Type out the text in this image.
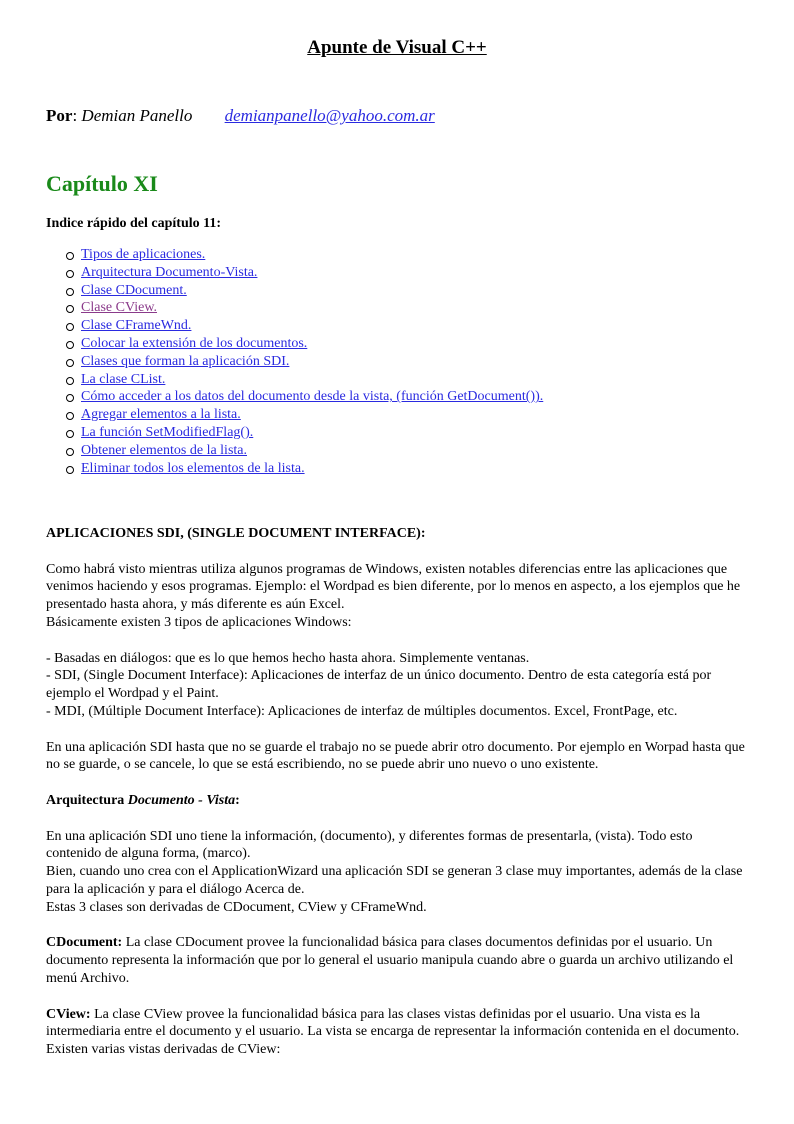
Apunte de Visual C++
Por: Demian Panello demianpanello@yahoo.com.ar
Capítulo XI
Indice rápido del capítulo 11:
Tipos de aplicaciones.
Arquitectura Documento-Vista.
Clase CDocument.
Clase CView.
Clase CFrameWnd.
Colocar la extensión de los documentos.
Clases que forman la aplicación SDI.
La clase CList.
Cómo acceder a los datos del documento desde la vista, (función GetDocument()).
Agregar elementos a la lista.
La función SetModifiedFlag().
Obtener elementos de la lista.
Eliminar todos los elementos de la lista.

APLICACIONES SDI, (SINGLE DOCUMENT INTERFACE):

Como habrá visto mientras utiliza algunos programas de Windows, existen notables diferencias entre las aplicaciones que

venimos haciendo y esos programas. Ejemplo: el Wordpad es bien diferente, por lo menos en aspecto, a los ejemplos que he

presentado hasta ahora, y más diferente es aún Excel.

Básicamente existen 3 tipos de aplicaciones Windows:

- Basadas en diálogos: que es lo que hemos hecho hasta ahora. Simplemente ventanas.

- SDI, (Single Document Interface): Aplicaciones de interfaz de un único documento. Dentro de esta categoría está por

ejemplo el Wordpad y el Paint.

- MDI, (Múltiple Document Interface): Aplicaciones de interfaz de múltiples documentos. Excel, FrontPage, etc.

En una aplicación SDI hasta que no se guarde el trabajo no se puede abrir otro documento. Por ejemplo en Worpad hasta que

no se guarde, o se cancele, lo que se está escribiendo, no se puede abrir uno nuevo o uno existente.

Arquitectura Documento - Vista:

En una aplicación SDI uno tiene la información, (documento), y diferentes formas de presentarla, (vista). Todo esto

contenido de alguna forma, (marco).

Bien, cuando uno crea con el ApplicationWizard una aplicación SDI se generan 3 clase muy importantes, además de la clase

para la aplicación y para el diálogo Acerca de.

Estas 3 clases son derivadas de CDocument, CView y CFrameWnd.

CDocument: La clase CDocument provee la funcionalidad básica para clases documentos definidas por el usuario. Un

documento representa la información que por lo general el usuario manipula cuando abre o guarda un archivo utilizando el

menú Archivo.

CView: La clase CView provee la funcionalidad básica para las clases vistas definidas por el usuario. Una vista es la

intermediaria entre el documento y el usuario. La vista se encarga de representar la información contenida en el documento.

Existen varias vistas derivadas de CView:
